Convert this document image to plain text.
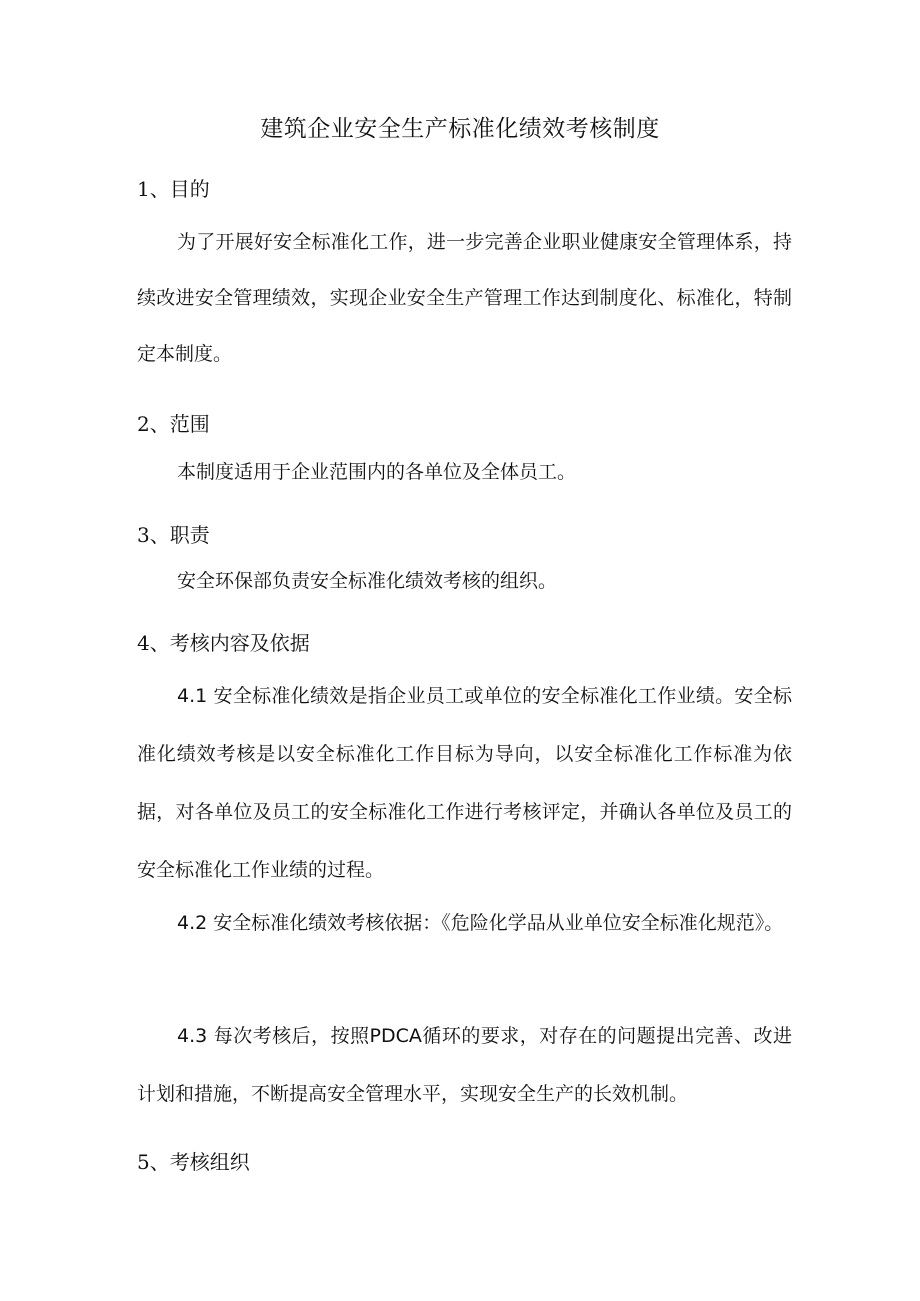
建筑企业安全生产标准化绩效考核制度
1、目的

为了开展好安全标准化工作，进一步完善企业职业健康安全管理体系，持续改进安全管理绩效，实现企业安全生产管理工作达到制度化、标准化，特制定本制度。

2、范围

本制度适用于企业范围内的各单位及全体员工。

3、职责

安全环保部负责安全标准化绩效考核的组织。

4、考核内容及依据

4.1 安全标准化绩效是指企业员工或单位的安全标准化工作业绩。安全标准化绩效考核是以安全标准化工作目标为导向，以安全标准化工作标准为依据，对各单位及员工的安全标准化工作进行考核评定，并确认各单位及员工的安全标准化工作业绩的过程。

4.2 安全标准化绩效考核依据：《危险化学品从业单位安全标准化规范》。

4.3 每次考核后，按照PDCA循环的要求，对存在的问题提出完善、改进计划和措施，不断提高安全管理水平，实现安全生产的长效机制。

5、考核组织
